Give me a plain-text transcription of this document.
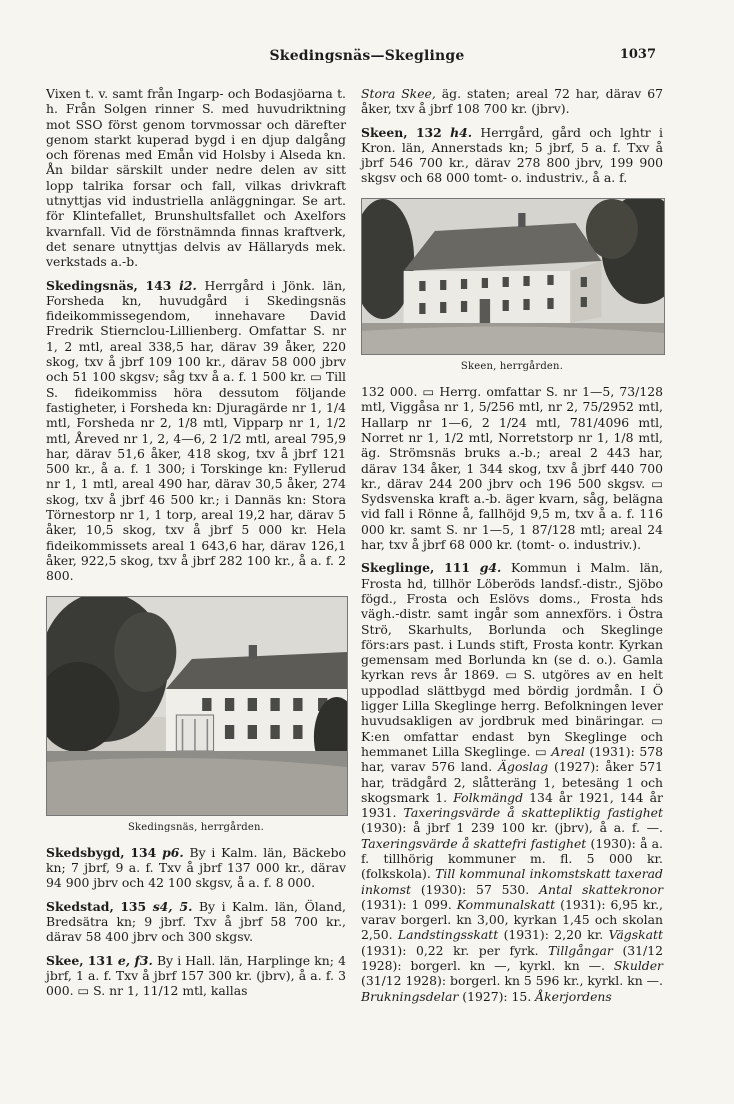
Skedingsnäs—Skeglinge	1037

Vixen t. v. samt från Ingarp- och Bodasjöarna t. h. Från Solgen rinner S. med huvudriktning mot SSO först genom torvmossar och därefter genom starkt kuperad bygd i en djup dalgång och förenas med Emån vid Holsby i Alseda kn. Ån bildar särskilt under nedre delen av sitt lopp talrika forsar och fall, vilkas drivkraft utnyttjas vid industriella anläggningar. Se art. för Klintefallet, Brunshultsfallet och Axelfors kvarnfall. Vid de förstnämnda finnas kraftverk, det senare utnyttjas delvis av Hällaryds mek. verkstads a.-b.

Skedingsnäs, 143 i2. Herrgård i Jönk. län, Forsheda kn, huvudgård i Skedingsnäs fideikommissegendom, innehavare David Fredrik Stiernclou-Lillienberg. Omfattar S. nr 1, 2 mtl, areal 338,5 har, därav 39 åker, 220 skog, txv å jbrf 109 100 kr., därav 58 000 jbrv och 51 100 skgsv; såg txv å a. f. 1 500 kr. ▭ Till S. fideikommiss höra dessutom följande fastigheter, i Forsheda kn: Djuragärde nr 1, 1/4 mtl, Forsheda nr 2, 1/8 mtl, Vipparp nr 1, 1/2 mtl, Åreved nr 1, 2, 4—6, 2 1/2 mtl, areal 795,9 har, därav 51,6 åker, 418 skog, txv å jbrf 121 500 kr., å a. f. 1 300; i Torskinge kn: Fyllerud nr 1, 1 mtl, areal 490 har, därav 30,5 åker, 274 skog, txv å jbrf 46 500 kr.; i Dannäs kn: Stora Törnestorp nr 1, 1 torp, areal 19,2 har, därav 5 åker, 10,5 skog, txv å jbrf 5 000 kr. Hela fideikommissets areal 1 643,6 har, därav 126,1 åker, 922,5 skog, txv å jbrf 282 100 kr., å a. f. 2 800.

Skedingsnäs, herrgården.

Skedsbygd, 134 p6. By i Kalm. län, Bäckebo kn; 7 jbrf, 9 a. f. Txv å jbrf 137 000 kr., därav 94 900 jbrv och 42 100 skgsv, å a. f. 8 000.

Skedstad, 135 s4, 5. By i Kalm. län, Öland, Bredsätra kn; 9 jbrf. Txv å jbrf 58 700 kr., därav 58 400 jbrv och 300 skgsv.

Skee, 131 e, f3. By i Hall. län, Harplinge kn; 4 jbrf, 1 a. f. Txv å jbrf 157 300 kr. (jbrv), å a. f. 3 000. ▭ S. nr 1, 11/12 mtl, kallas

Stora Skee, äg. staten; areal 72 har, därav 67 åker, txv å jbrf 108 700 kr. (jbrv).

Skeen, 132 h4. Herrgård, gård och lghtr i Kron. län, Annerstads kn; 5 jbrf, 5 a. f. Txv å jbrf 546 700 kr., därav 278 800 jbrv, 199 900 skgsv och 68 000 tomt- o. industriv., å a. f.

Skeen, herrgården.

132 000. ▭ Herrg. omfattar S. nr 1—5, 73/128 mtl, Viggåsa nr 1, 5/256 mtl, nr 2, 75/2952 mtl, Hallarp nr 1—6, 2 1/24 mtl, 781/4096 mtl, Norret nr 1, 1/2 mtl, Norretstorp nr 1, 1/8 mtl, äg. Strömsnäs bruks a.-b.; areal 2 443 har, därav 134 åker, 1 344 skog, txv å jbrf 440 700 kr., därav 244 200 jbrv och 196 500 skgsv. ▭ Sydsvenska kraft a.-b. äger kvarn, såg, belägna vid fall i Rönne å, fallhöjd 9,5 m, txv å a. f. 116 000 kr. samt S. nr 1—5, 1 87/128 mtl; areal 24 har, txv å jbrf 68 000 kr. (tomt- o. industriv.).

Skeglinge, 111 g4. Kommun i Malm. län, Frosta hd, tillhör Löberöds landsf.-distr., Sjöbo fögd., Frosta och Eslövs doms., Frosta hds vägh.-distr. samt ingår som annexförs. i Östra Strö, Skarhults, Borlunda och Skeglinge förs:ars past. i Lunds stift, Frosta kontr. Kyrkan gemensam med Borlunda kn (se d. o.). Gamla kyrkan revs år 1869. ▭ S. utgöres av en helt uppodlad slättbygd med bördig jordmån. I Ö ligger Lilla Skeglinge herrg. Befolkningen lever huvudsakligen av jordbruk med binäringar. ▭ K:en omfattar endast byn Skeglinge och hemmanet Lilla Skeglinge. ▭ Areal (1931): 578 har, varav 576 land. Ägoslag (1927): åker 571 har, trädgård 2, slåtteräng 1, betesäng 1 och skogsmark 1. Folkmängd 134 år 1921, 144 år 1931. Taxeringsvärde å skattepliktig fastighet (1930): å jbrf 1 239 100 kr. (jbrv), å a. f. —. Taxeringsvärde å skattefri fastighet (1930): å a. f. tillhörig kommuner m. fl. 5 000 kr. (folkskola). Till kommunal inkomstskatt taxerad inkomst (1930): 57 530. Antal skattekronor (1931): 1 099. Kommunalskatt (1931): 6,95 kr., varav borgerl. kn 3,00, kyrkan 1,45 och skolan 2,50. Landstingsskatt (1931): 2,20 kr. Vägskatt (1931): 0,22 kr. per fyrk. Tillgångar (31/12 1928): borgerl. kn —, kyrkl. kn —. Skulder (31/12 1928): borgerl. kn 5 596 kr., kyrkl. kn —. Brukningsdelar (1927): 15. Åkerjordens
